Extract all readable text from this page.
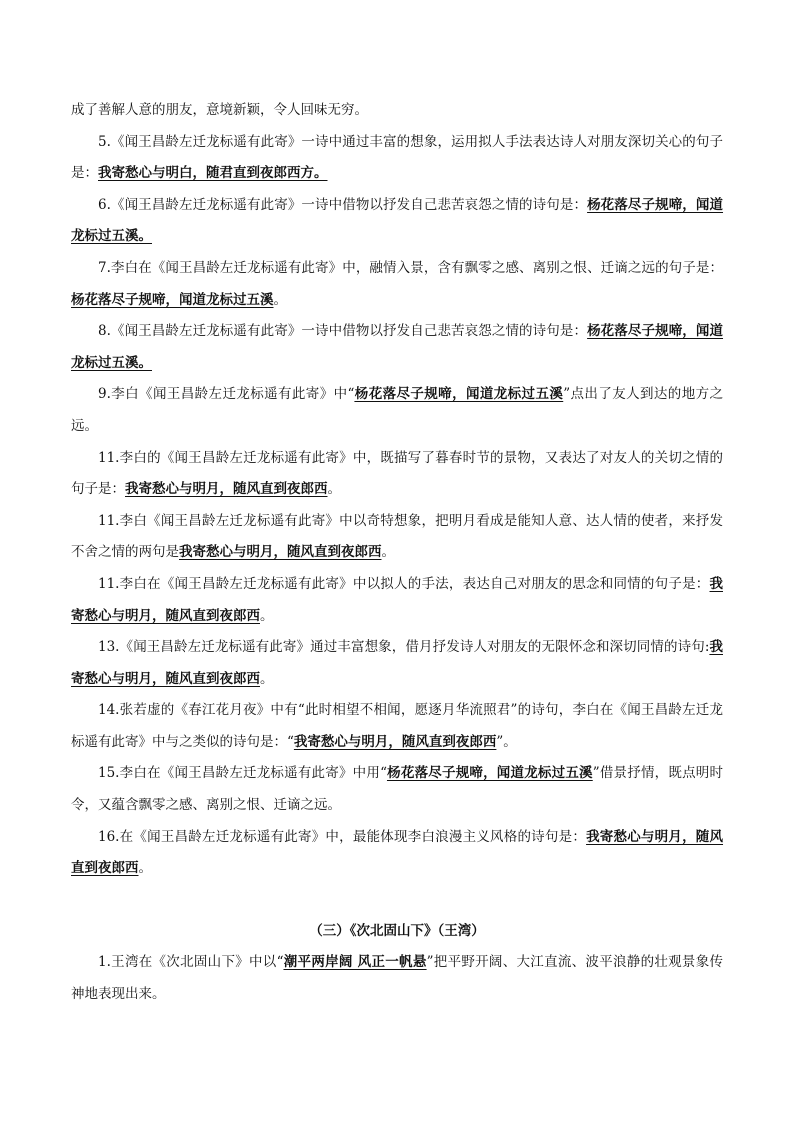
成了善解人意的朋友，意境新颖，令人回味无穷。

5.《闻王昌龄左迁龙标遥有此寄》一诗中通过丰富的想象，运用拟人手法表达诗人对朋友深切关心的句子是：我寄愁心与明白，随君直到夜郎西方。

6.《闻王昌龄左迁龙标遥有此寄》一诗中借物以抒发自己悲苦哀怨之情的诗句是：杨花落尽子规啼，闻道龙标过五溪。

7.李白在《闻王昌龄左迁龙标遥有此寄》中，融情入景，含有飘零之感、离别之恨、迁谪之远的句子是：杨花落尽子规啼，闻道龙标过五溪。

8.《闻王昌龄左迁龙标遥有此寄》一诗中借物以抒发自己悲苦哀怨之情的诗句是：杨花落尽子规啼，闻道龙标过五溪。

9.李白《闻王昌龄左迁龙标遥有此寄》中“杨花落尽子规啼，闻道龙标过五溪”点出了友人到达的地方之远。

11.李白的《闻王昌龄左迁龙标遥有此寄》中，既描写了暮春时节的景物，又表达了对友人的关切之情的句子是：我寄愁心与明月，随风直到夜郎西。

11.李白《闻王昌龄左迁龙标遥有此寄》中以奇特想象，把明月看成是能知人意、达人情的使者，来抒发不舍之情的两句是我寄愁心与明月，随风直到夜郎西。

11.李白在《闻王昌龄左迁龙标遥有此寄》中以拟人的手法，表达自己对朋友的思念和同情的句子是：我寄愁心与明月，随风直到夜郎西。

13.《闻王昌龄左迁龙标遥有此寄》通过丰富想象，借月抒发诗人对朋友的无限怀念和深切同情的诗句:我寄愁心与明月，随风直到夜郎西。

14.张若虚的《春江花月夜》中有“此时相望不相闻，愿逐月华流照君”的诗句，李白在《闻王昌龄左迁龙标遥有此寄》中与之类似的诗句是：“我寄愁心与明月，随风直到夜郎西”。

15.李白在《闻王昌龄左迁龙标遥有此寄》中用“杨花落尽子规啼，闻道龙标过五溪”借景抒情，既点明时令，又蕴含飘零之感、离别之恨、迁谪之远。

16.在《闻王昌龄左迁龙标遥有此寄》中，最能体现李白浪漫主义风格的诗句是：我寄愁心与明月，随风直到夜郎西。

（三）《次北固山下》（王湾）

1.王湾在《次北固山下》中以“潮平两岸阔 风正一帆悬”把平野开阔、大江直流、波平浪静的壮观景象传神地表现出来。
